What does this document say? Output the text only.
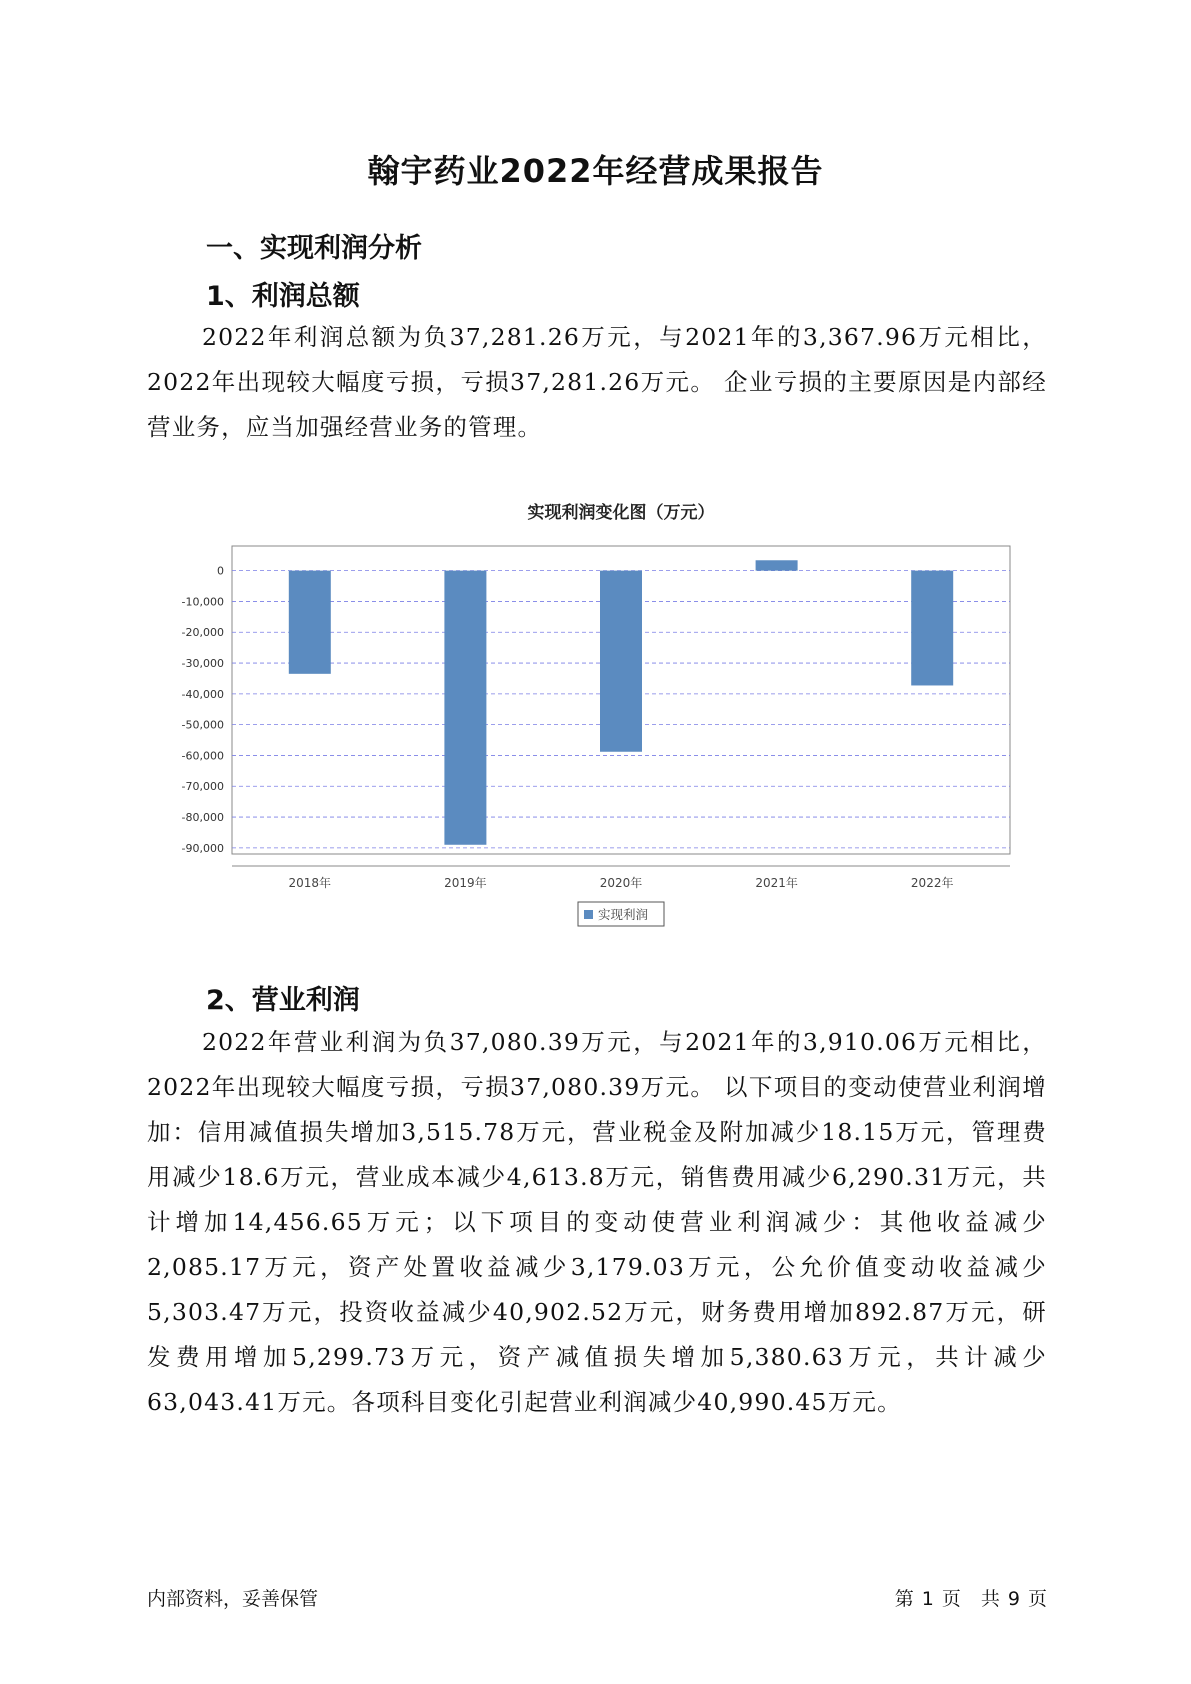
翰宇药业2022年经营成果报告
一、实现利润分析
1、利润总额

2022年利润总额为负37,281.26万元，与2021年的3,367.96万元相比，2022年出现较大幅度亏损，亏损37,281.26万元。 企业亏损的主要原因是内部经营业务，应当加强经营业务的管理。

实现利润变化图（万元）
0
-10,000
-20,000
-30,000
-40,000
-50,000
-60,000
-70,000
-80,000
-90,000
2018年	2019年	2020年	2021年	2022年
实现利润
2、营业利润

2022年营业利润为负37,080.39万元，与2021年的3,910.06万元相比，2022年出现较大幅度亏损，亏损37,080.39万元。 以下项目的变动使营业利润增加：信用减值损失增加3,515.78万元，营业税金及附加减少18.15万元，管理费用减少18.6万元，营业成本减少4,613.8万元，销售费用减少6,290.31万元，共计增加14,456.65万元；以下项目的变动使营业利润减少：其他收益减少2,085.17万元，资产处置收益减少3,179.03万元，公允价值变动收益减少5,303.47万元，投资收益减少40,902.52万元，财务费用增加892.87万元，研发费用增加5,299.73万元，资产减值损失增加5,380.63万元，共计减少63,043.41万元。各项科目变化引起营业利润减少40,990.45万元。

内部资料，妥善保管	第 1 页 共 9 页
